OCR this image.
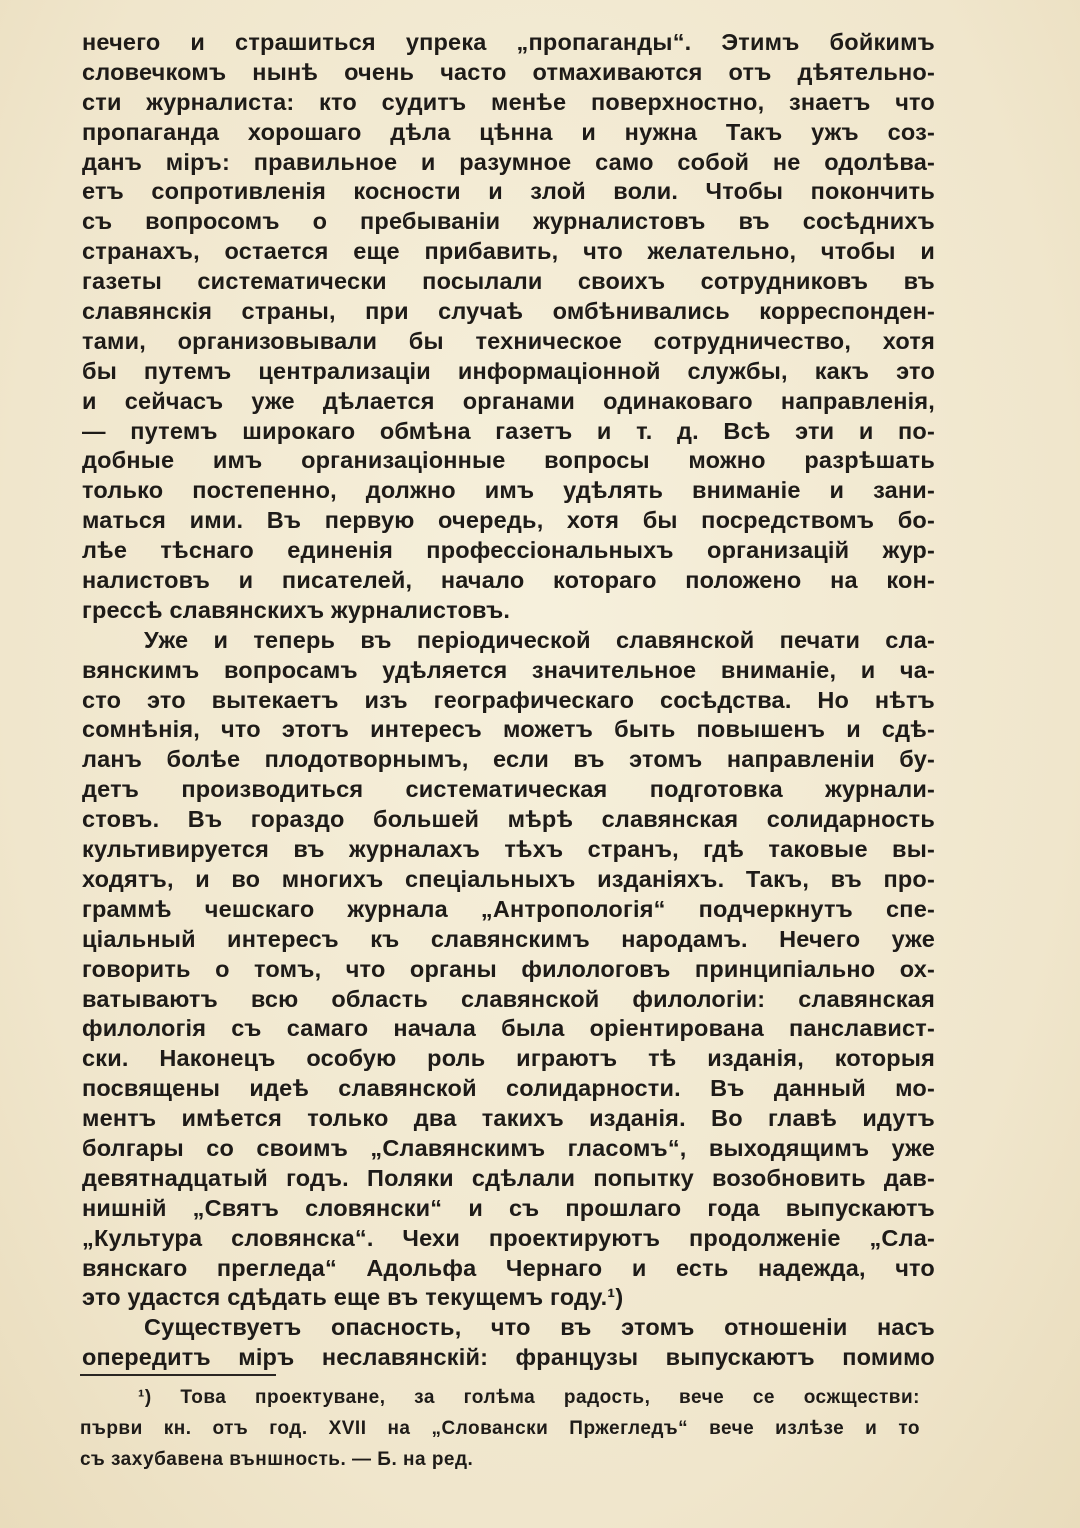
нечего и страшиться упрека „пропаганды“. Этимъ бойкимъ
словечкомъ нынѣ очень часто отмахиваются отъ дѣятельно-
сти журналиста: кто судитъ менѣе поверхностно, знаетъ что
пропаганда хорошаго дѣла цѣнна и нужна Такъ ужъ соз-
данъ міръ: правильное и разумное само собой не одолѣва-
етъ сопротивленія косности и злой воли. Чтобы покончить
съ вопросомъ о пребываніи журналистовъ въ сосѣднихъ
странахъ, остается еще прибавить, что желательно, чтобы и
газеты систематически посылали своихъ сотрудниковъ въ
славянскія страны, при случаѣ омбѣнивались корреспонден-
тами, организовывали бы техническое сотрудничество, хотя
бы путемъ централизаціи информаціонной службы, какъ это
и сейчасъ уже дѣлается органами одинаковаго направленія,
— путемъ широкаго обмѣна газетъ и т. д. Всѣ эти и по-
добные имъ организаціонные вопросы можно разрѣшать
только постепенно, должно имъ удѣлять вниманіе и зани-
маться ими. Въ первую очередь, хотя бы посредствомъ бо-
лѣе тѣснаго единенія профессіональныхъ организацій жур-
налистовъ и писателей, начало котораго положено на кон-
грессѣ славянскихъ журналистовъ.
Уже и теперь въ періодической славянской печати сла-
вянскимъ вопросамъ удѣляется значительное вниманіе, и ча-
сто это вытекаетъ изъ географическаго сосѣдства. Но нѣтъ
сомнѣнія, что этотъ интересъ можетъ быть повышенъ и сдѣ-
ланъ болѣе плодотворнымъ, если въ этомъ направленіи бу-
детъ производиться систематическая подготовка журнали-
стовъ. Въ гораздо большей мѣрѣ славянская солидарность
культивируется въ журналахъ тѣхъ странъ, гдѣ таковые вы-
ходятъ, и во многихъ спеціальныхъ изданіяхъ. Такъ, въ про-
граммѣ чешскаго журнала „Антропологія“ подчеркнутъ спе-
ціальный интересъ къ славянскимъ народамъ. Нечего уже
говорить о томъ, что органы филологовъ принципіально ох-
ватываютъ всю область славянской филологіи: славянская
филологія съ самаго начала была оріентирована панславист-
ски. Наконецъ особую роль играютъ тѣ изданія, которыя
посвящены идеѣ славянской солидарности. Въ данный мо-
ментъ имѣется только два такихъ изданія. Во главѣ идутъ
болгары со своимъ „Славянскимъ гласомъ“, выходящимъ уже
девятнадцатый годъ. Поляки сдѣлали попытку возобновить дав-
нишній „Святъ словянски“ и съ прошлаго года выпускаютъ
„Культура словянска“. Чехи проектируютъ продолженіе „Сла-
вянскаго прегледа“ Адольфа Чернаго и есть надежда, что
это удастся сдѣдать еще въ текущемъ году.¹)
Существуетъ опасность, что въ этомъ отношеніи насъ
опередитъ міръ неславянскій: французы выпускаютъ помимо
¹) Това проектуване, за голѣма радость, вече се осжществи:
първи кн. отъ год. XVII на „Словански Пржегледъ“ вече излѣзе и то
съ захубавена външность. — Б. на ред.
